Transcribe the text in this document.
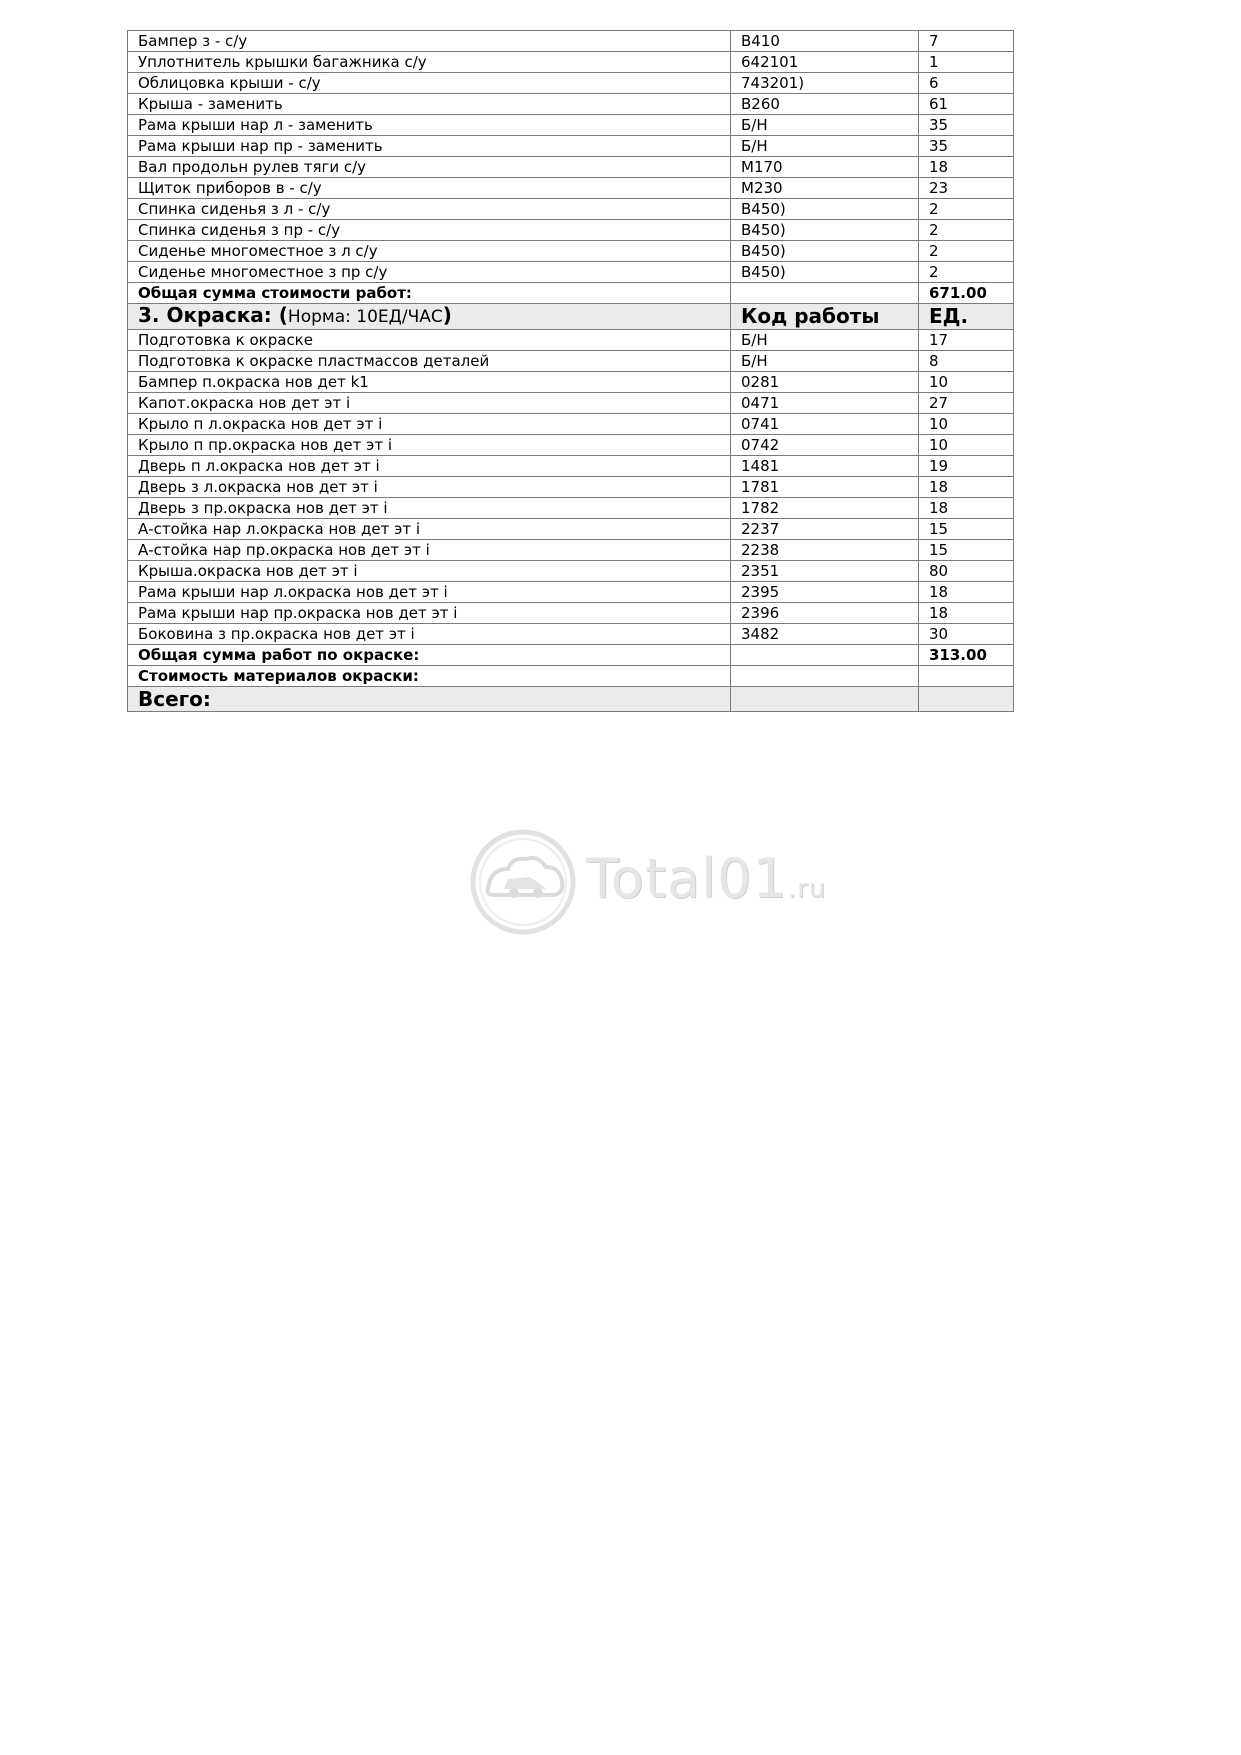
Бампер з - с/у	B410	7
Уплотнитель крышки багажника с/у	642101	1
Облицовка крыши - с/у	743201)	6
Крыша - заменить	B260	61
Рама крыши нар л - заменить	Б/Н	35
Рама крыши нар пр - заменить	Б/Н	35
Вал продольн рулев тяги с/у	M170	18
Щиток приборов в - с/у	M230	23
Спинка сиденья з л - с/у	B450)	2
Спинка сиденья з пр - с/у	B450)	2
Сиденье многоместное з л с/у	B450)	2
Сиденье многоместное з пр с/у	B450)	2
Общая сумма стоимости работ:		671.00
3. Окраска: (Норма: 10ЕД/ЧАС)	Код работы	ЕД.
Подготовка к окраске	Б/Н	17
Подготовка к окраске пластмассов деталей	Б/Н	8
Бампер п.окраска нов дет k1	0281	10
Капот.окраска нов дет эт i	0471	27
Крыло п л.окраска нов дет эт i	0741	10
Крыло п пр.окраска нов дет эт i	0742	10
Дверь п л.окраска нов дет эт i	1481	19
Дверь з л.окраска нов дет эт i	1781	18
Дверь з пр.окраска нов дет эт i	1782	18
А-стойка нар л.окраска нов дет эт i	2237	15
А-стойка нар пр.окраска нов дет эт i	2238	15
Крыша.окраска нов дет эт i	2351	80
Рама крыши нар л.окраска нов дет эт i	2395	18
Рама крыши нар пр.окраска нов дет эт i	2396	18
Боковина з пр.окраска нов дет эт i	3482	30
Общая сумма работ по окраске:		313.00
Стоимость материалов окраски:		
Всего:		
Total01.ru
